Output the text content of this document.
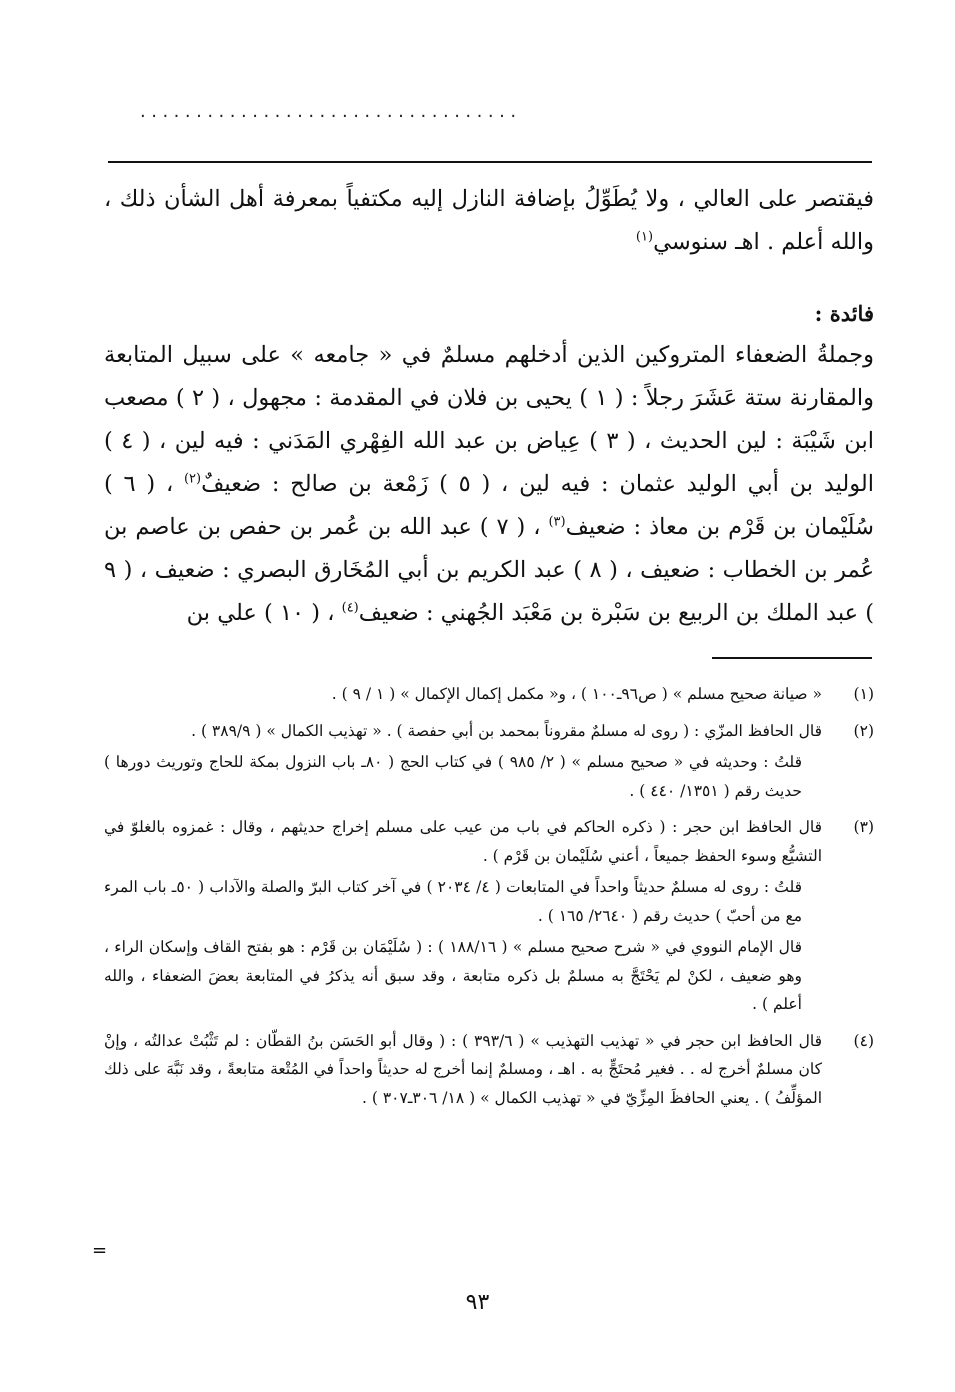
··································
فيقتصر على العالي ، ولا يُطَوِّلُ بإضافة النازل إليه مكتفياً بمعرفة أهل الشأن ذلك ، والله أعلم . اهـ سنوسي$^{(١)}$
فائدة :
وجملةُ الضعفاء المتروكين الذين أدخلهم مسلمٌ في « جامعه » على سبيل المتابعة والمقارنة ستة عَشَرَ رجلاً : ( ١ ) يحيى بن فلان في المقدمة : مجهول ، ( ٢ ) مصعب ابن شَيْبَة : لين الحديث ، ( ٣ ) عِياض بن عبد الله الفِهْري المَدَني : فيه لين ، ( ٤ ) الوليد بن أبي الوليد عثمان : فيه لين ، ( ٥ ) زَمْعة بن صالح : ضعيفٌ$^{(٢)}$ ، ( ٦ ) سُلَيْمان بن قَرْم بن معاذ : ضعيف$^{(٣)}$ ، ( ٧ ) عبد الله بن عُمر بن حفص بن عاصم بن عُمر بن الخطاب : ضعيف ، ( ٨ ) عبد الكريم بن أبي المُخَارق البصري : ضعيف ، ( ٩ ) عبد الملك بن الربيع بن سَبْرة بن مَعْبَد الجُهني : ضعيف$^{(٤)}$ ، ( ١٠ ) علي بن
(١)

« صيانة صحيح مسلم » ( ص٩٦ـ١٠٠ ) ، و« مكمل إكمال الإكمال » ( ١ / ٩ ) .

(٢)

قال الحافظ المزّي : ( روى له مسلمٌ مقروناً بمحمد بن أبي حفصة ) . « تهذيب الكمال » ( ٣٨٩/٩ ) .

قلتُ : وحديثه في « صحيح مسلم » ( ٢/ ٩٨٥ ) في كتاب الحج ( ٨٠ـ باب النزول بمكة للحاج وتوريث دورها ) حديث رقم ( ١٣٥١/ ٤٤٠ ) .

(٣)

قال الحافظ ابن حجر : ( ذكره الحاكم في باب من عيب على مسلم إخراج حديثهم ، وقال : غمزوه بالغلوّ في التشيُّع وسوء الحفظ جميعاً ، أعني سُلَيْمان بن قَرْم ) .

قلتُ : روى له مسلمٌ حديثاً واحداً في المتابعات ( ٤/ ٢٠٣٤ ) في آخر كتاب البرّ والصلة والآداب ( ٥٠ـ باب المرء مع من أحبّ ) حديث رقم ( ٢٦٤٠/ ١٦٥ ) .

قال الإمام النووي في « شرح صحيح مسلم » ( ١٨٨/١٦ ) : ( سُلَيْمَان بن قَرْم : هو بفتح القاف وإسكان الراء ، وهو ضعيف ، لكنْ لم يَحْتَجَّ به مسلمٌ بل ذكره متابعة ، وقد سبق أنه يذكرُ في المتابعة بعضَ الضعفاء ، والله أعلم ) .

(٤)

قال الحافظ ابن حجر في « تهذيب التهذيب » ( ٣٩٣/٦ ) : ( وقال أبو الحَسَن بنُ القطّان : لم تَثْبُتْ عدالتُه ، وإنْ كان مسلمٌ أخرج له . . فغير مُحتَجٍّ به . اهـ ، ومسلمٌ إنما أخرج له حديثاً واحداً في المُتْعة متابعةً ، وقد نَبَّهَ على ذلك المؤلِّفُ ) . يعني الحافظَ المِزِّيّ في « تهذيب الكمال » ( ١٨/ ٣٠٦ـ٣٠٧ ) .

=
٩٣
